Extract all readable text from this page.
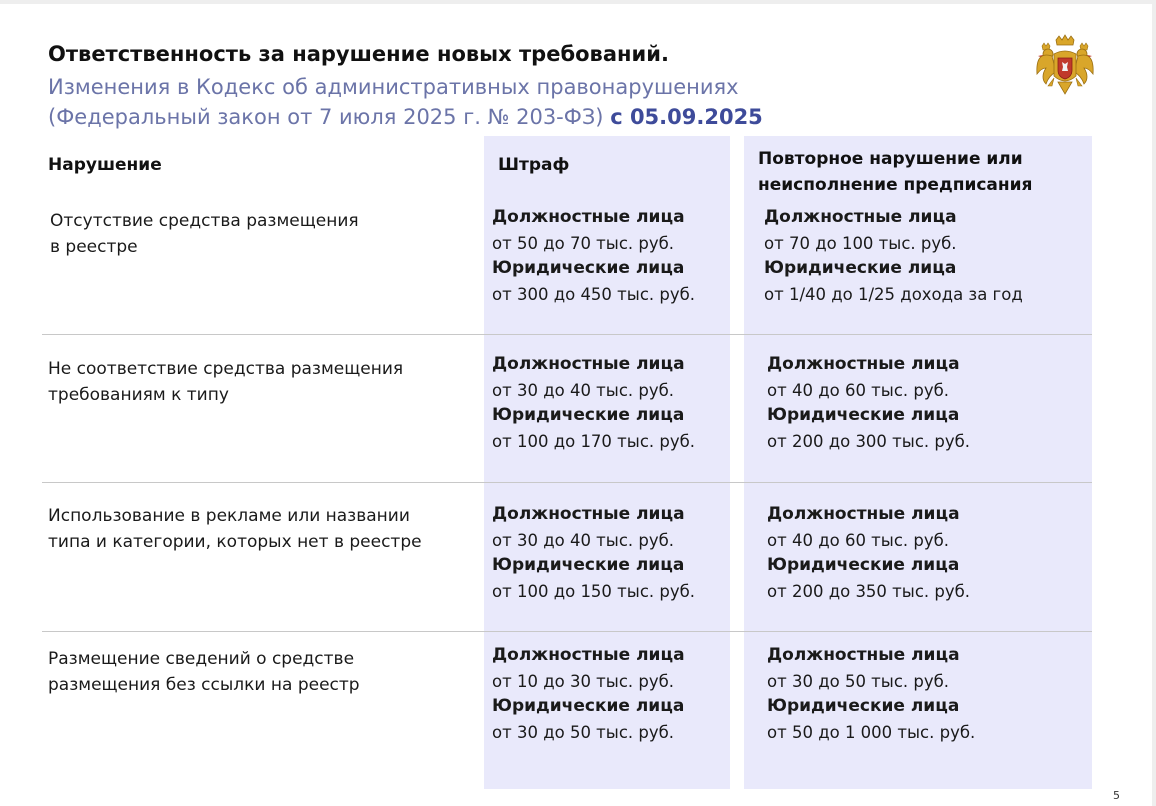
Ответственность за нарушение новых требований.
Изменения в Кодекс об административных правонарушениях
(Федеральный закон от 7 июля 2025 г. № 203-ФЗ) с 05.09.2025
Нарушение	Штраф	Повторное нарушение или
неисполнение предписания
Отсутствие средства размещения
в реестре
Должностные лица
от 50 до 70 тыс. руб.
Юридические лица
от 300 до 450 тыс. руб.
Должностные лица
от 70 до 100 тыс. руб.
Юридические лица
от 1/40 до 1/25 дохода за год
Не соответствие средства размещения
требованиям к типу
Должностные лица
от 30 до 40 тыс. руб.
Юридические лица
от 100 до 170 тыс. руб.
Должностные лица
от 40 до 60 тыс. руб.
Юридические лица
от 200 до 300 тыс. руб.
Использование в рекламе или названии
типа и категории, которых нет в реестре
Должностные лица
от 30 до 40 тыс. руб.
Юридические лица
от 100 до 150 тыс. руб.
Должностные лица
от 40 до 60 тыс. руб.
Юридические лица
от 200 до 350 тыс. руб.
Размещение сведений о средстве
размещения без ссылки на реестр
Должностные лица
от 10 до 30 тыс. руб.
Юридические лица
от 30 до 50 тыс. руб.
Должностные лица
от 30 до 50 тыс. руб.
Юридические лица
от 50 до 1 000 тыс. руб.
5
